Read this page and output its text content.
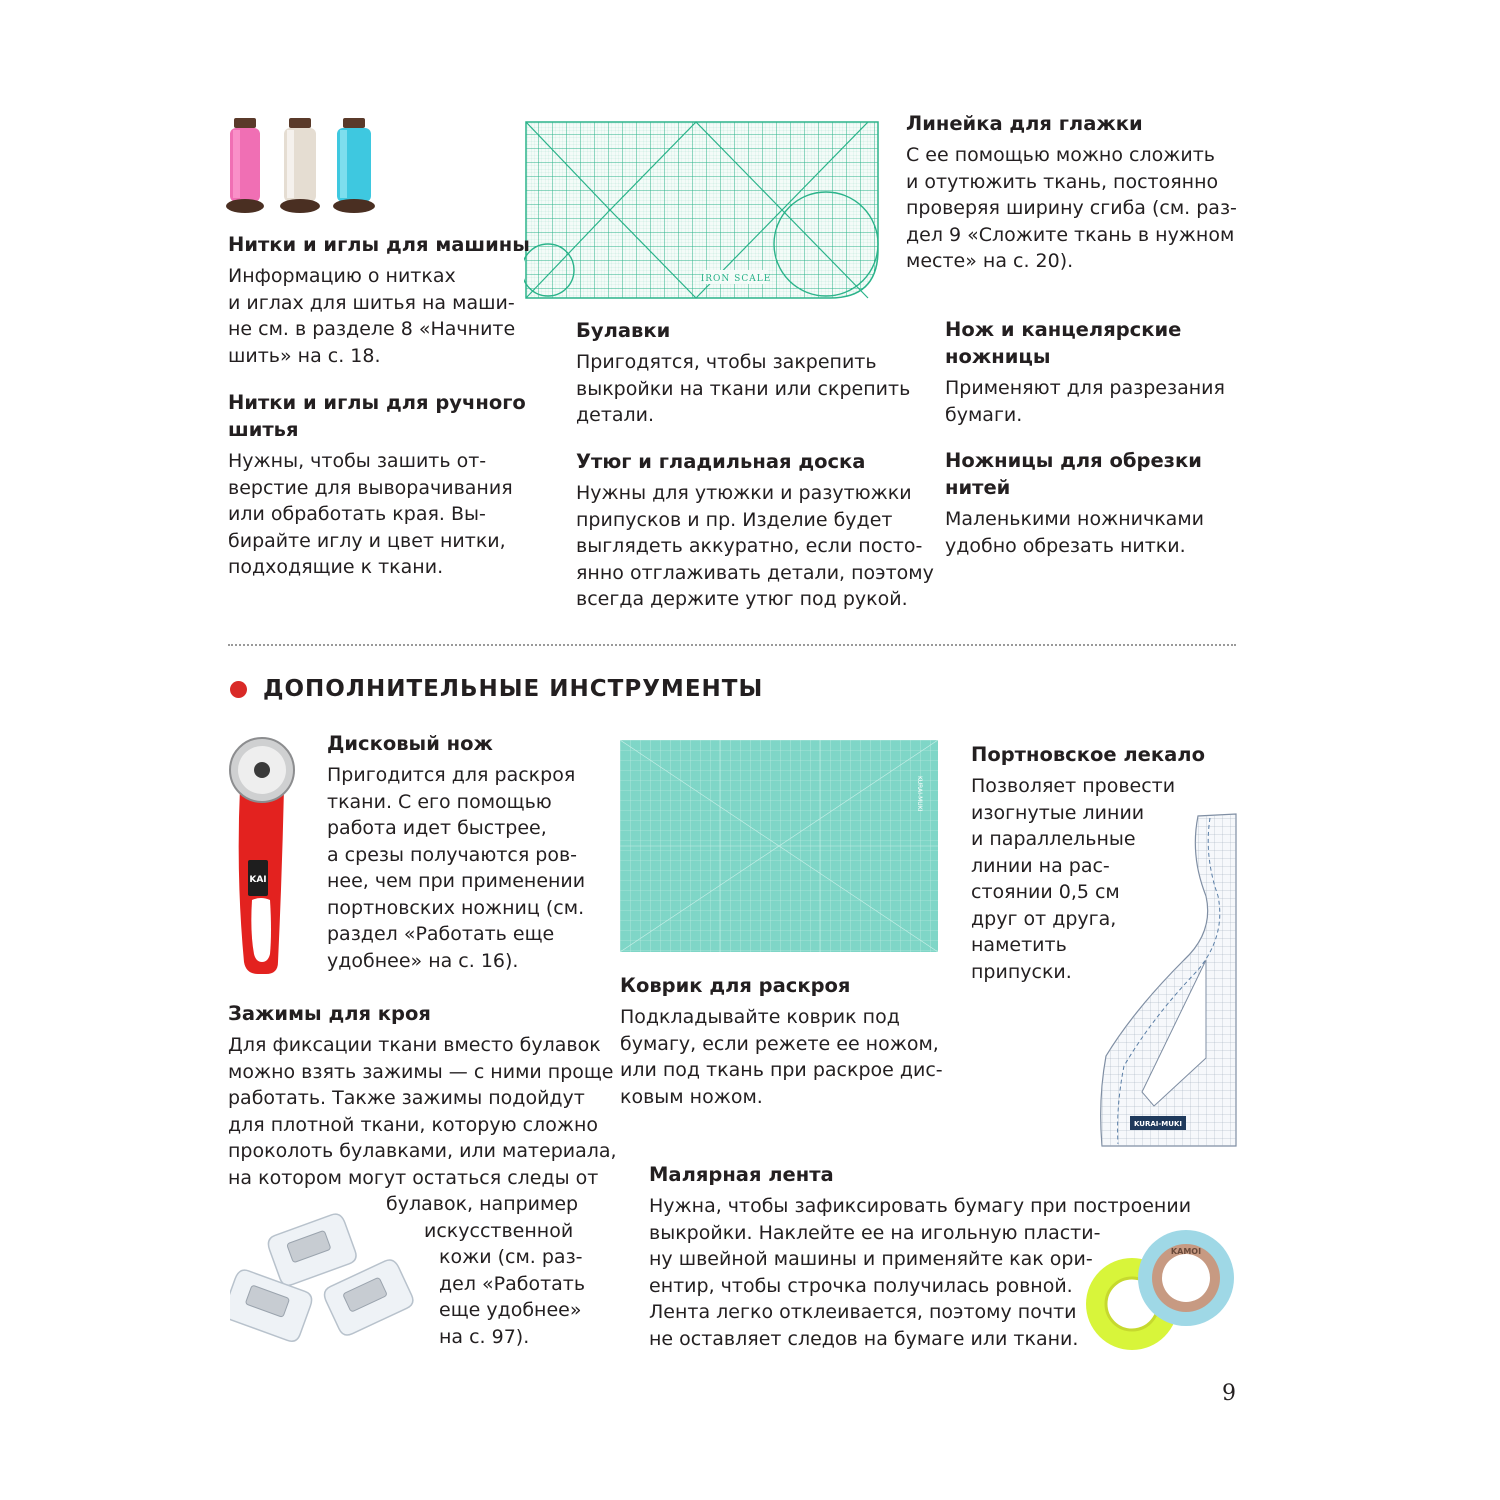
IRON SCALE
KAI
KURAI-MUKI
KURAI-MUKI
KAMOI

Нитки и иглы для машины

Информацию о нитках
и иглах для шитья на маши-
не см. в разделе 8 «Начните
шить» на с. 18.

Нитки и иглы для ручного
шитья

Нужны, чтобы зашить от-
верстие для выворачивания
или обработать края. Вы-
бирайте иглу и цвет нитки,
подходящие к ткани.

Булавки

Пригодятся, чтобы закрепить
выкройки на ткани или скрепить
детали.

Утюг и гладильная доска

Нужны для утюжки и разутюжки
припусков и пр. Изделие будет
выглядеть аккуратно, если посто-
янно отглаживать детали, поэтому
всегда держите утюг под рукой.

Линейка для глажки

С ее помощью можно сложить
и отутюжить ткань, постоянно
проверяя ширину сгиба (см. раз-
дел 9 «Сложите ткань в нужном
месте» на с. 20).

Нож и канцелярские
ножницы

Применяют для разрезания
бумаги.

Ножницы для обрезки
нитей

Маленькими ножничками
удобно обрезать нитки.

ДОПОЛНИТЕЛЬНЫЕ ИНСТРУМЕНТЫ

Дисковый нож

Пригодится для раскроя
ткани. С его помощью
работа идет быстрее,
а срезы получаются ров-
нее, чем при применении
портновских ножниц (см.
раздел «Работать еще
удобнее» на с. 16).

Коврик для раскроя

Подкладывайте коврик под
бумагу, если режете ее ножом,
или под ткань при раскрое дис-
ковым ножом.

Портновское лекало

Позволяет провести
изогнутые линии
и параллельные
линии на рас-
стоянии 0,5 см
друг от друга,
наметить
припуски.

Зажимы для кроя

Для фиксации ткани вместо булавок
можно взять зажимы — с ними проще
работать. Также зажимы подойдут
для плотной ткани, которую сложно
проколоть булавками, или материала,
на котором могут остаться следы от
булавок, например
искусственной
кожи (см. раз-
дел «Работать
еще удобнее»
на с. 97).

Малярная лента

Нужна, чтобы зафиксировать бумагу при построении
выкройки. Наклейте ее на игольную пласти-
ну швейной машины и применяйте как ори-
ентир, чтобы строчка получилась ровной.
Лента легко отклеивается, поэтому почти
не оставляет следов на бумаге или ткани.

9
